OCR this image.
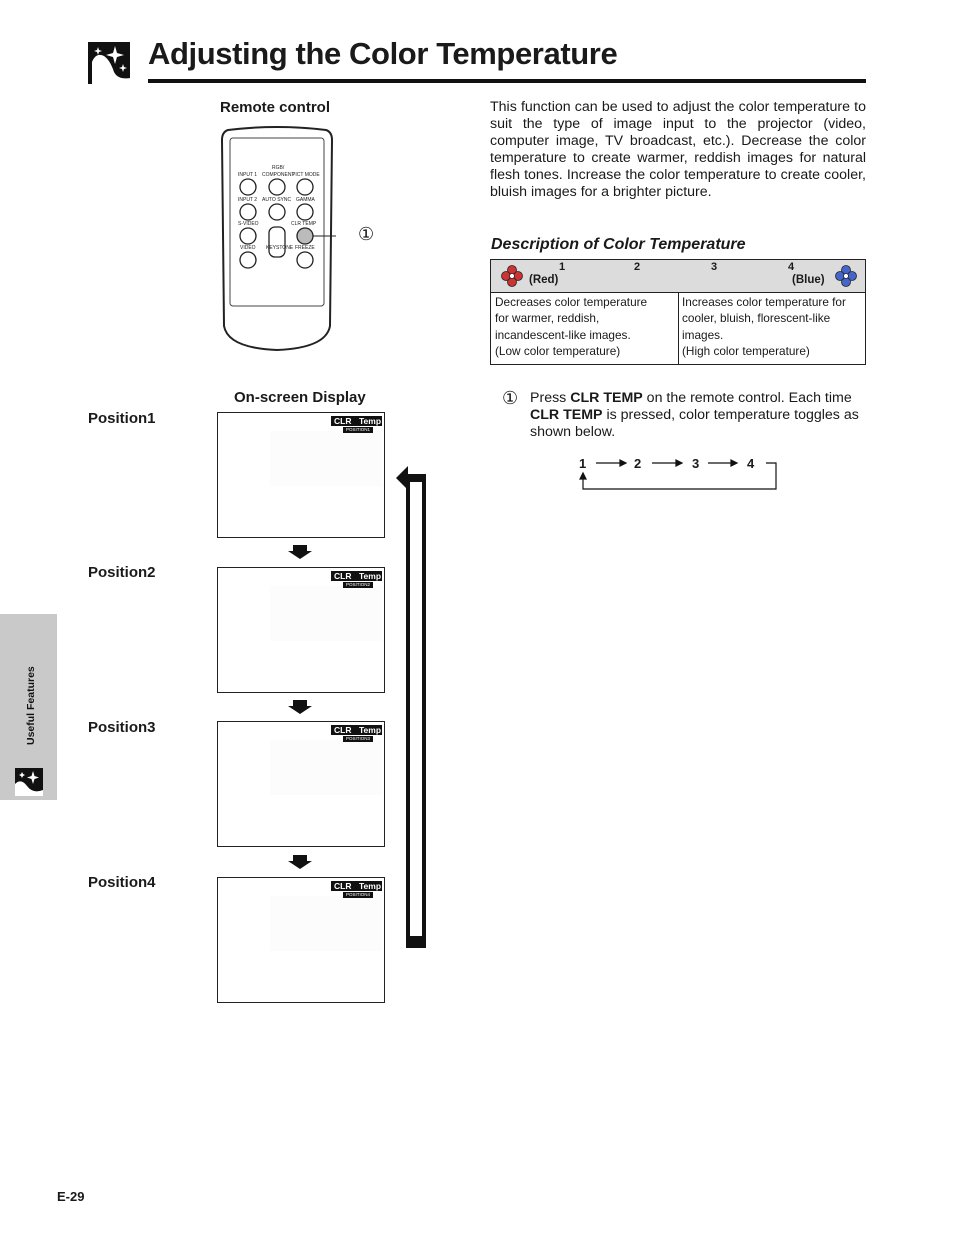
Adjusting the Color Temperature
Remote control
RGB/
INPUT 1 COMPONENT
PICT MODE
INPUT 2 AUTO SYNC GAMMA
S-VIDEO	CLR TEMP
VIDEO KEYSTONE FREEZE
①
This function can be used to adjust the color temperature to suit the type of image input to the projector (video, computer image, TV broadcast, etc.). Decrease the color temperature to create warmer, reddish images for natural flesh tones. Increase the color temperature to create cooler, bluish images for a brighter picture.
Description of Color Temperature
1	2	3	4
(Red)	(Blue)
Decreases color temperature
for warmer, reddish,
incandescent-like images.
(Low color temperature)
Increases color temperature for
cooler, bluish, florescent-like
images.
(High color temperature)
On-screen Display
Position1	CLR Temp
POSITION1
Position2	CLR Temp
POSITION2
Position3	CLR Temp
POSITION3
Position4	CLR Temp
POSITION4
① Press CLR TEMP on the remote control. Each time CLR TEMP is pressed, color temperature toggles as shown below.
1	2	3	4
Useful Features
E-29
